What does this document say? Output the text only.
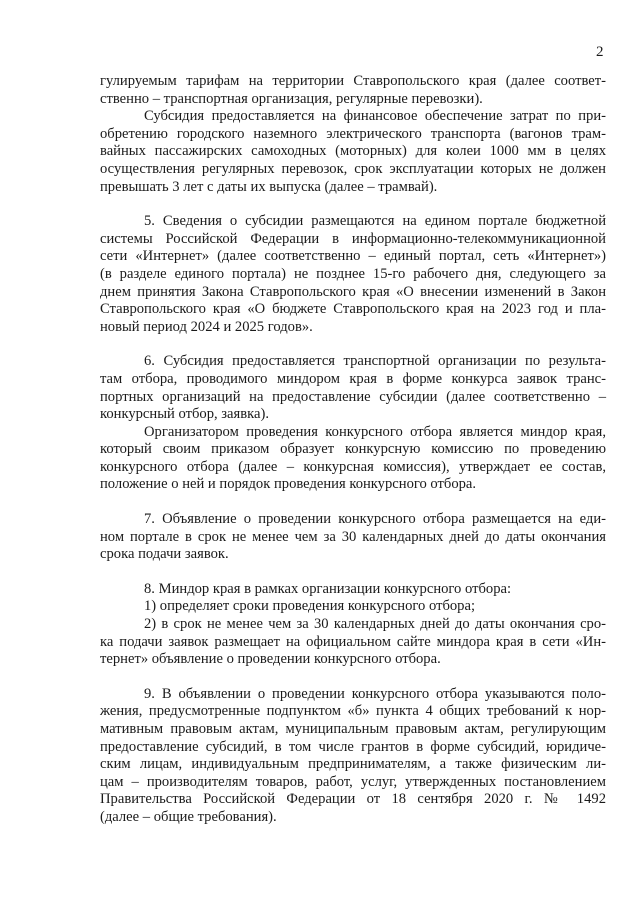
2
гулируемым тарифам на территории Ставропольского края (далее соответ-
ственно – транспортная организация, регулярные перевозки).
Субсидия предоставляется на финансовое обеспечение затрат по при-
обретению городского наземного электрического транспорта (вагонов трам-
вайных пассажирских самоходных (моторных) для колеи 1000 мм в целях
осуществления регулярных перевозок, срок эксплуатации которых не должен
превышать 3 лет с даты их выпуска (далее – трамвай).
5. Сведения о субсидии размещаются на едином портале бюджетной
системы Российской Федерации в информационно-телекоммуникационной
сети «Интернет» (далее соответственно – единый портал, сеть «Интернет»)
(в разделе единого портала) не позднее 15-го рабочего дня, следующего за
днем принятия Закона Ставропольского края «О внесении изменений в Закон
Ставропольского края «О бюджете Ставропольского края на 2023 год и пла-
новый период 2024 и 2025 годов».
6. Субсидия предоставляется транспортной организации по результа-
там отбора, проводимого миндором края в форме конкурса заявок транс-
портных организаций на предоставление субсидии (далее соответственно –
конкурсный отбор, заявка).
Организатором проведения конкурсного отбора является миндор края,
который своим приказом образует конкурсную комиссию по проведению
конкурсного отбора (далее – конкурсная комиссия), утверждает ее состав,
положение о ней и порядок проведения конкурсного отбора.
7. Объявление о проведении конкурсного отбора размещается на еди-
ном портале в срок не менее чем за 30 календарных дней до даты окончания
срока подачи заявок.
8. Миндор края в рамках организации конкурсного отбора:
1) определяет сроки проведения конкурсного отбора;
2) в срок не менее чем за 30 календарных дней до даты окончания сро-
ка подачи заявок размещает на официальном сайте миндора края в сети «Ин-
тернет» объявление о проведении конкурсного отбора.
9. В объявлении о проведении конкурсного отбора указываются поло-
жения, предусмотренные подпунктом «б» пункта 4 общих требований к нор-
мативным правовым актам, муниципальным правовым актам, регулирующим
предоставление субсидий, в том числе грантов в форме субсидий, юридиче-
ским лицам, индивидуальным предпринимателям, а также физическим ли-
цам – производителям товаров, работ, услуг, утвержденных постановлением
Правительства Российской Федерации от 18 сентября 2020 г. № 1492
(далее – общие требования).
